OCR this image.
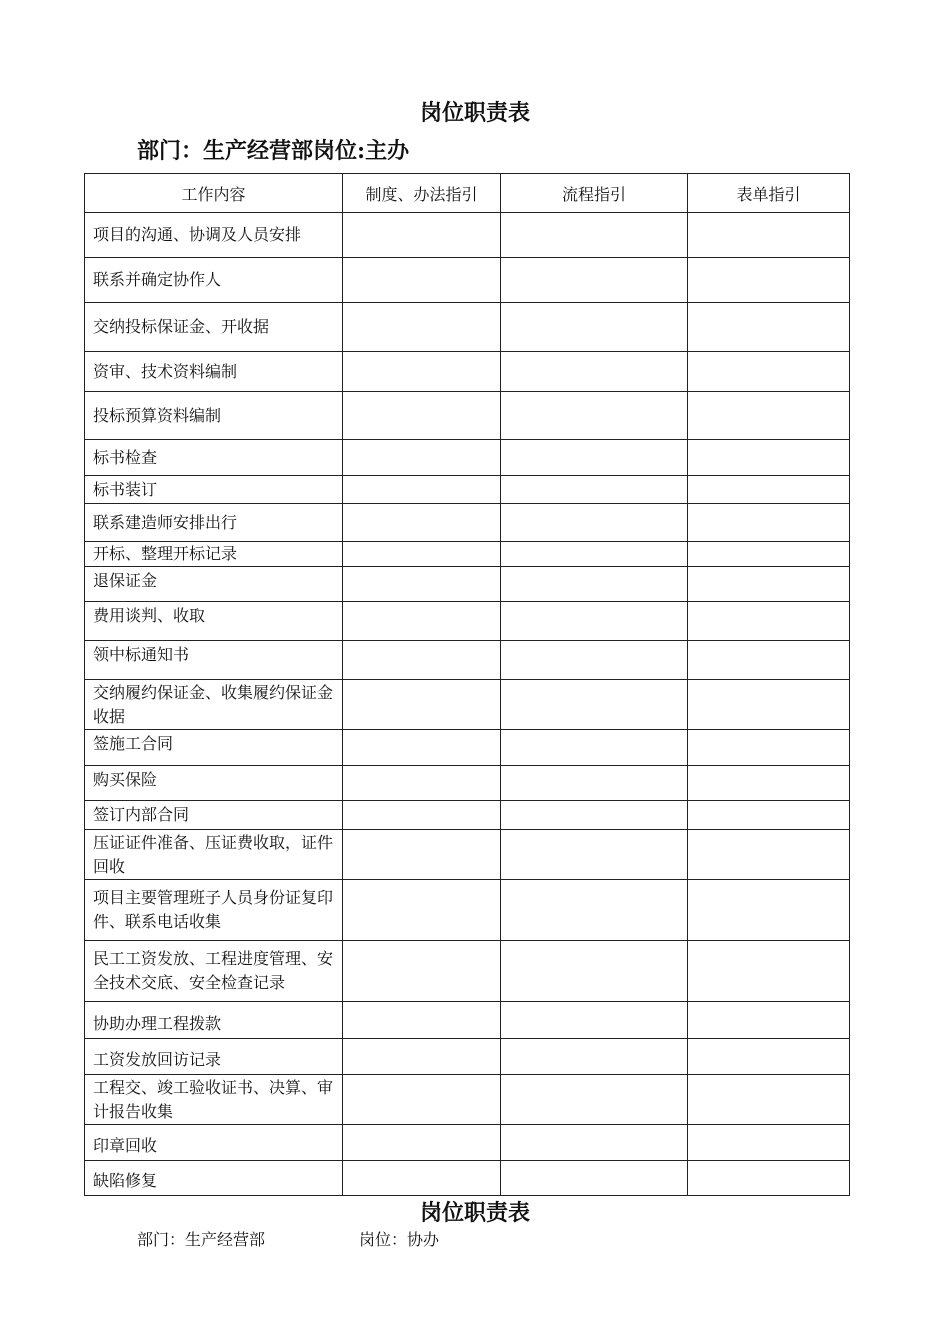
岗位职责表
部门：生产经营部岗位:主办
工作内容	制度、办法指引	流程指引	表单指引
项目的沟通、协调及人员安排			
联系并确定协作人			
交纳投标保证金、开收据			
资审、技术资料编制			
投标预算资料编制			
标书检查			
标书装订			
联系建造师安排出行			
开标、整理开标记录			
退保证金			
费用谈判、收取			
领中标通知书			
交纳履约保证金、收集履约保证金收据			
签施工合同			
购买保险			
签订内部合同			
压证证件准备、压证费收取，证件回收			
项目主要管理班子人员身份证复印件、联系电话收集			
民工工资发放、工程进度管理、安全技术交底、安全检查记录			
协助办理工程拨款			
工资发放回访记录			
工程交、竣工验收证书、决算、审计报告收集			
印章回收			
缺陷修复			
岗位职责表
部门：生产经营部	岗位：协办
